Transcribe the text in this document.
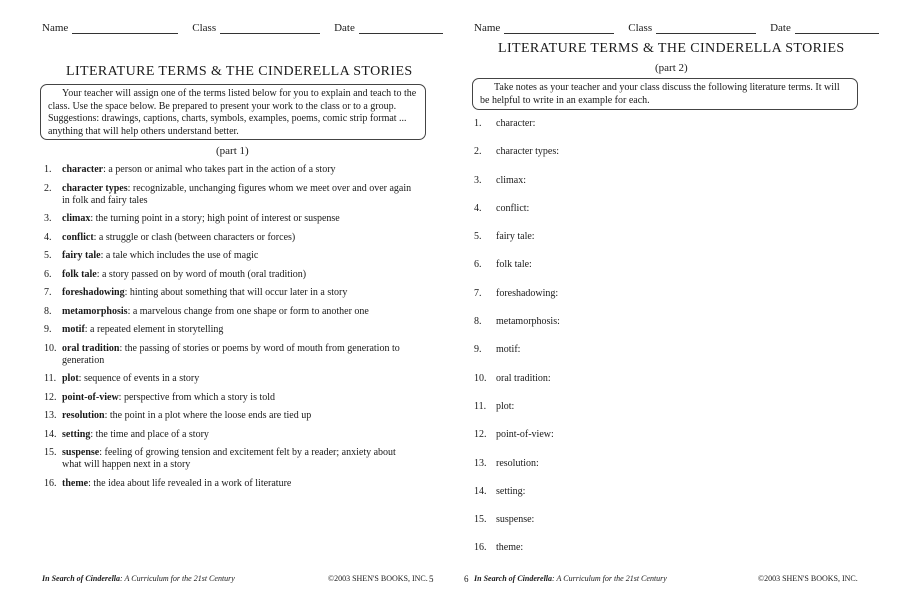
Name	Class	Date
LITERATURE TERMS & THE CINDERELLA STORIES
Your teacher will assign one of the terms listed below for you to explain and teach to the class. Use the space below. Be prepared to present your work to the class or to a group. Suggestions: drawings, captions, charts, symbols, examples, poems, comic strip format ... anything that will help others understand better.
(part 1)
1. character: a person or animal who takes part in the action of a story
2. character types: recognizable, unchanging figures whom we meet over and over again in folk and fairy tales
3. climax: the turning point in a story; high point of interest or suspense
4. conflict: a struggle or clash (between characters or forces)
5. fairy tale: a tale which includes the use of magic
6. folk tale: a story passed on by word of mouth (oral tradition)
7. foreshadowing: hinting about something that will occur later in a story
8. metamorphosis: a marvelous change from one shape or form to another one
9. motif: a repeated element in storytelling
10. oral tradition: the passing of stories or poems by word of mouth from generation to generation
11. plot: sequence of events in a story
12. point-of-view: perspective from which a story is told
13. resolution: the point in a plot where the loose ends are tied up
14. setting: the time and place of a story
15. suspense: feeling of growing tension and excitement felt by a reader; anxiety about what will happen next in a story
16. theme: the idea about life revealed in a work of literature
In Search of Cinderella: A Curriculum for the 21st Century	©2003 SHEN'S BOOKS, INC. 5
Name	Class	Date
LITERATURE TERMS & THE CINDERELLA STORIES
(part 2)
Take notes as your teacher and your class discuss the following literature terms. It will be helpful to write in an example for each.
1. character:
2. character types:
3. climax:
4. conflict:
5. fairy tale:
6. folk tale:
7. foreshadowing:
8. metamorphosis:
9. motif:
10. oral tradition:
11. plot:
12. point-of-view:
13. resolution:
14. setting:
15. suspense:
16. theme:
6 In Search of Cinderella: A Curriculum for the 21st Century	©2003 SHEN'S BOOKS, INC.
